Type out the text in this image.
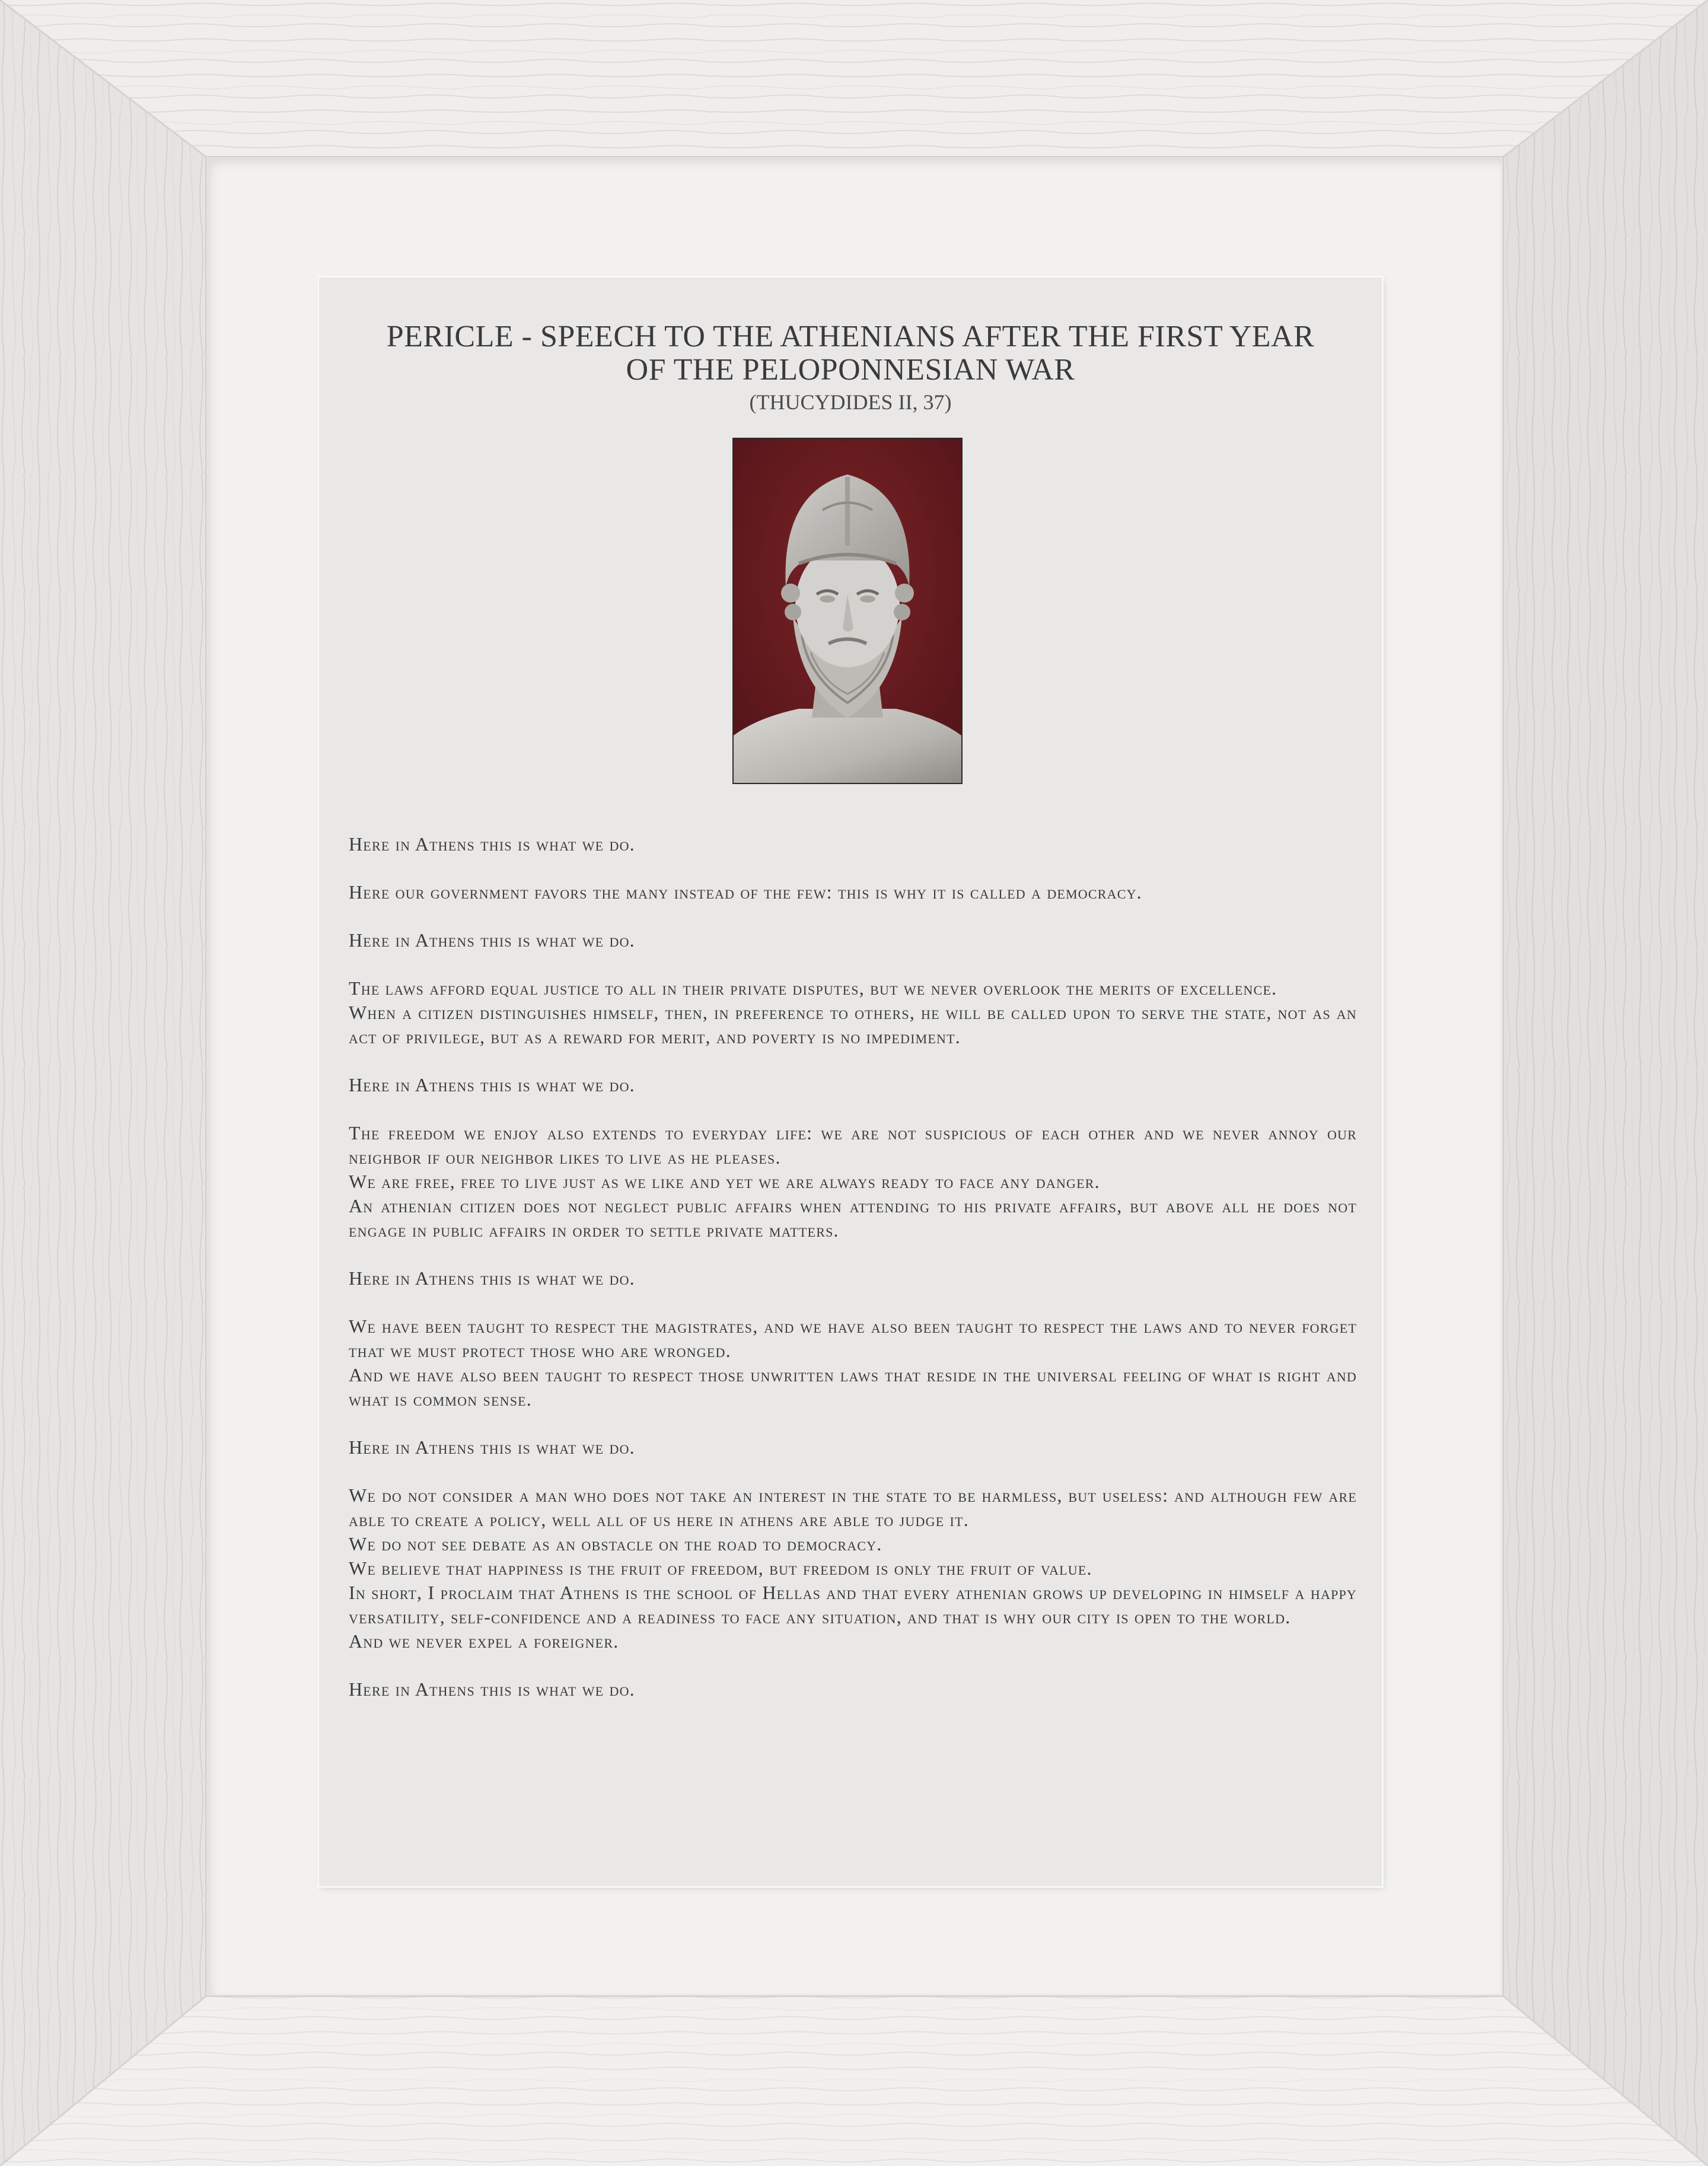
PERICLE - SPEECH TO THE ATHENIANS AFTER THE FIRST YEAR
OF THE PELOPONNESIAN WAR
(THUCYDIDES II, 37)

Here in Athens this is what we do.

Here our government favors the many instead of the few: this is why it is called a democracy.

Here in Athens this is what we do.

The laws afford equal justice to all in their private disputes, but we never overlook the merits of excellence.

When a citizen distinguishes himself, then, in preference to others, he will be called upon to serve the state, not as an act of privilege, but as a reward for merit, and poverty is no impediment.

Here in Athens this is what we do.

The freedom we enjoy also extends to everyday life: we are not suspicious of each other and we never annoy our neighbor if our neighbor likes to live as he pleases.

We are free, free to live just as we like and yet we are always ready to face any danger.

An athenian citizen does not neglect public affairs when attending to his private affairs, but above all he does not engage in public affairs in order to settle private matters.

Here in Athens this is what we do.

We have been taught to respect the magistrates, and we have also been taught to respect the laws and to never forget that we must protect those who are wronged.

And we have also been taught to respect those unwritten laws that reside in the universal feeling of what is right and what is common sense.

Here in Athens this is what we do.

We do not consider a man who does not take an interest in the state to be harmless, but useless: and although few are able to create a policy, well all of us here in athens are able to judge it.

We do not see debate as an obstacle on the road to democracy.

We believe that happiness is the fruit of freedom, but freedom is only the fruit of value.

In short, I proclaim that Athens is the school of Hellas and that every athenian grows up developing in himself a happy versatility, self-confidence and a readiness to face any situation, and that is why our city is open to the world.

And we never expel a foreigner.

Here in Athens this is what we do.
